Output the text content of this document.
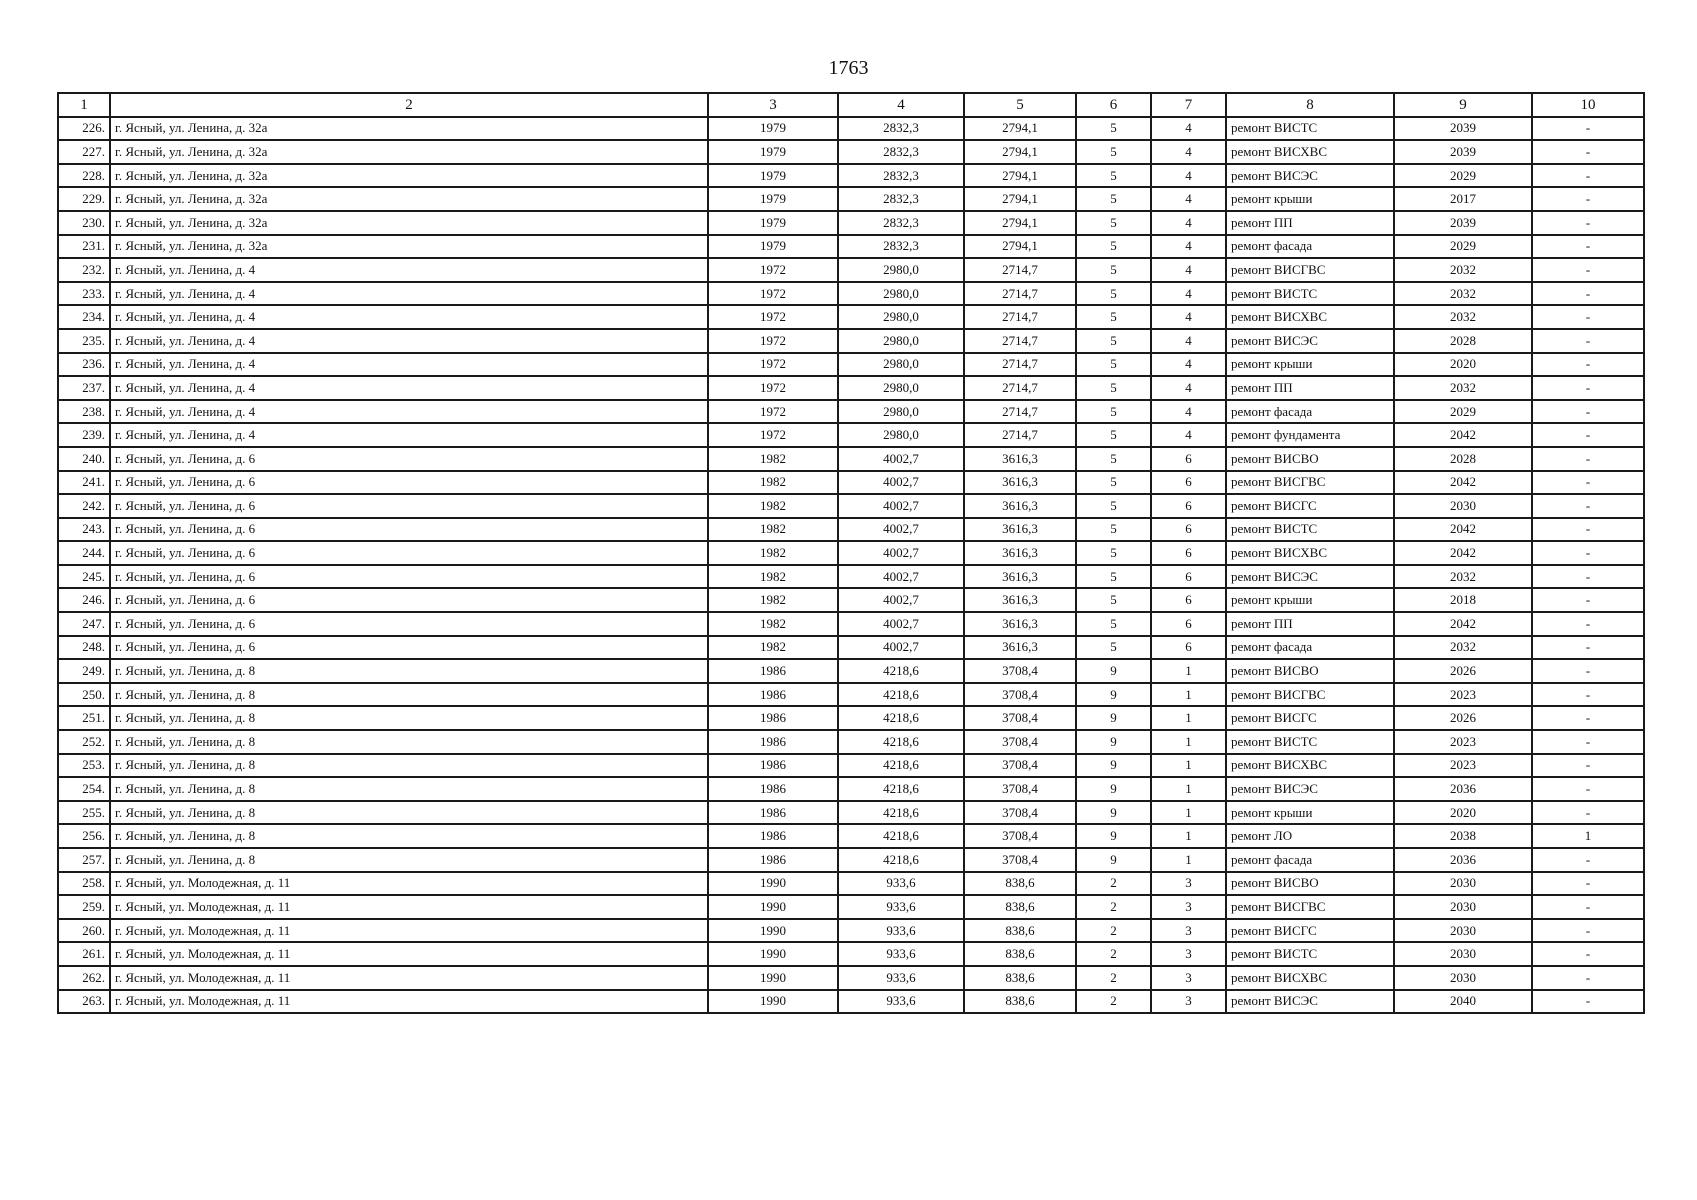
1763
1	2	3	4	5	6	7	8	9	10
226.	г. Ясный, ул. Ленина, д. 32а	1979	2832,3	2794,1	5	4	ремонт ВИСТС	2039	-
227.	г. Ясный, ул. Ленина, д. 32а	1979	2832,3	2794,1	5	4	ремонт ВИСХВС	2039	-
228.	г. Ясный, ул. Ленина, д. 32а	1979	2832,3	2794,1	5	4	ремонт ВИСЭС	2029	-
229.	г. Ясный, ул. Ленина, д. 32а	1979	2832,3	2794,1	5	4	ремонт крыши	2017	-
230.	г. Ясный, ул. Ленина, д. 32а	1979	2832,3	2794,1	5	4	ремонт ПП	2039	-
231.	г. Ясный, ул. Ленина, д. 32а	1979	2832,3	2794,1	5	4	ремонт фасада	2029	-
232.	г. Ясный, ул. Ленина, д. 4	1972	2980,0	2714,7	5	4	ремонт ВИСГВС	2032	-
233.	г. Ясный, ул. Ленина, д. 4	1972	2980,0	2714,7	5	4	ремонт ВИСТС	2032	-
234.	г. Ясный, ул. Ленина, д. 4	1972	2980,0	2714,7	5	4	ремонт ВИСХВС	2032	-
235.	г. Ясный, ул. Ленина, д. 4	1972	2980,0	2714,7	5	4	ремонт ВИСЭС	2028	-
236.	г. Ясный, ул. Ленина, д. 4	1972	2980,0	2714,7	5	4	ремонт крыши	2020	-
237.	г. Ясный, ул. Ленина, д. 4	1972	2980,0	2714,7	5	4	ремонт ПП	2032	-
238.	г. Ясный, ул. Ленина, д. 4	1972	2980,0	2714,7	5	4	ремонт фасада	2029	-
239.	г. Ясный, ул. Ленина, д. 4	1972	2980,0	2714,7	5	4	ремонт фундамента	2042	-
240.	г. Ясный, ул. Ленина, д. 6	1982	4002,7	3616,3	5	6	ремонт ВИСВО	2028	-
241.	г. Ясный, ул. Ленина, д. 6	1982	4002,7	3616,3	5	6	ремонт ВИСГВС	2042	-
242.	г. Ясный, ул. Ленина, д. 6	1982	4002,7	3616,3	5	6	ремонт ВИСГС	2030	-
243.	г. Ясный, ул. Ленина, д. 6	1982	4002,7	3616,3	5	6	ремонт ВИСТС	2042	-
244.	г. Ясный, ул. Ленина, д. 6	1982	4002,7	3616,3	5	6	ремонт ВИСХВС	2042	-
245.	г. Ясный, ул. Ленина, д. 6	1982	4002,7	3616,3	5	6	ремонт ВИСЭС	2032	-
246.	г. Ясный, ул. Ленина, д. 6	1982	4002,7	3616,3	5	6	ремонт крыши	2018	-
247.	г. Ясный, ул. Ленина, д. 6	1982	4002,7	3616,3	5	6	ремонт ПП	2042	-
248.	г. Ясный, ул. Ленина, д. 6	1982	4002,7	3616,3	5	6	ремонт фасада	2032	-
249.	г. Ясный, ул. Ленина, д. 8	1986	4218,6	3708,4	9	1	ремонт ВИСВО	2026	-
250.	г. Ясный, ул. Ленина, д. 8	1986	4218,6	3708,4	9	1	ремонт ВИСГВС	2023	-
251.	г. Ясный, ул. Ленина, д. 8	1986	4218,6	3708,4	9	1	ремонт ВИСГС	2026	-
252.	г. Ясный, ул. Ленина, д. 8	1986	4218,6	3708,4	9	1	ремонт ВИСТС	2023	-
253.	г. Ясный, ул. Ленина, д. 8	1986	4218,6	3708,4	9	1	ремонт ВИСХВС	2023	-
254.	г. Ясный, ул. Ленина, д. 8	1986	4218,6	3708,4	9	1	ремонт ВИСЭС	2036	-
255.	г. Ясный, ул. Ленина, д. 8	1986	4218,6	3708,4	9	1	ремонт крыши	2020	-
256.	г. Ясный, ул. Ленина, д. 8	1986	4218,6	3708,4	9	1	ремонт ЛО	2038	1
257.	г. Ясный, ул. Ленина, д. 8	1986	4218,6	3708,4	9	1	ремонт фасада	2036	-
258.	г. Ясный, ул. Молодежная, д. 11	1990	933,6	838,6	2	3	ремонт ВИСВО	2030	-
259.	г. Ясный, ул. Молодежная, д. 11	1990	933,6	838,6	2	3	ремонт ВИСГВС	2030	-
260.	г. Ясный, ул. Молодежная, д. 11	1990	933,6	838,6	2	3	ремонт ВИСГС	2030	-
261.	г. Ясный, ул. Молодежная, д. 11	1990	933,6	838,6	2	3	ремонт ВИСТС	2030	-
262.	г. Ясный, ул. Молодежная, д. 11	1990	933,6	838,6	2	3	ремонт ВИСХВС	2030	-
263.	г. Ясный, ул. Молодежная, д. 11	1990	933,6	838,6	2	3	ремонт ВИСЭС	2040	-
